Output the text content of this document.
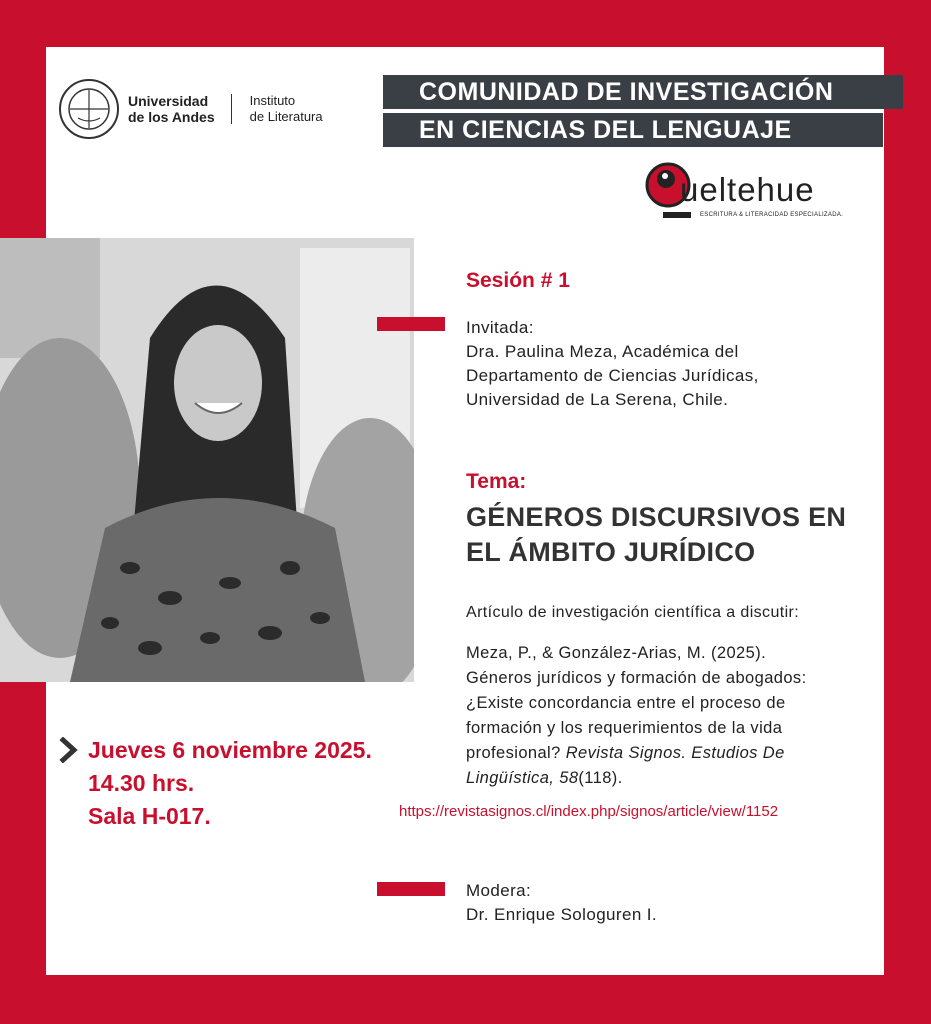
Universidad
de los Andes
Instituto
de Literatura
COMUNIDAD DE INVESTIGACIÓN
EN CIENCIAS DEL LENGUAJE
ueltehue
ESCRITURA & LITERACIDAD ESPECIALIZADA.
Sesión # 1
Invitada:
Dra. Paulina Meza, Académica del
Departamento de Ciencias Jurídicas,
Universidad de La Serena, Chile.
Tema:
GÉNEROS DISCURSIVOS EN
EL ÁMBITO JURÍDICO
Artículo de investigación científica a discutir:
Meza, P., & González-Arias, M. (2025).
Géneros jurídicos y formación de abogados:
¿Existe concordancia entre el proceso de
formación y los requerimientos de la vida
profesional? Revista Signos. Estudios De
Lingüística, 58(118).
https://revistasignos.cl/index.php/signos/article/view/1152
Jueves 6 noviembre 2025.
14.30 hrs.
Sala H-017.
Modera:
Dr. Enrique Sologuren I.
